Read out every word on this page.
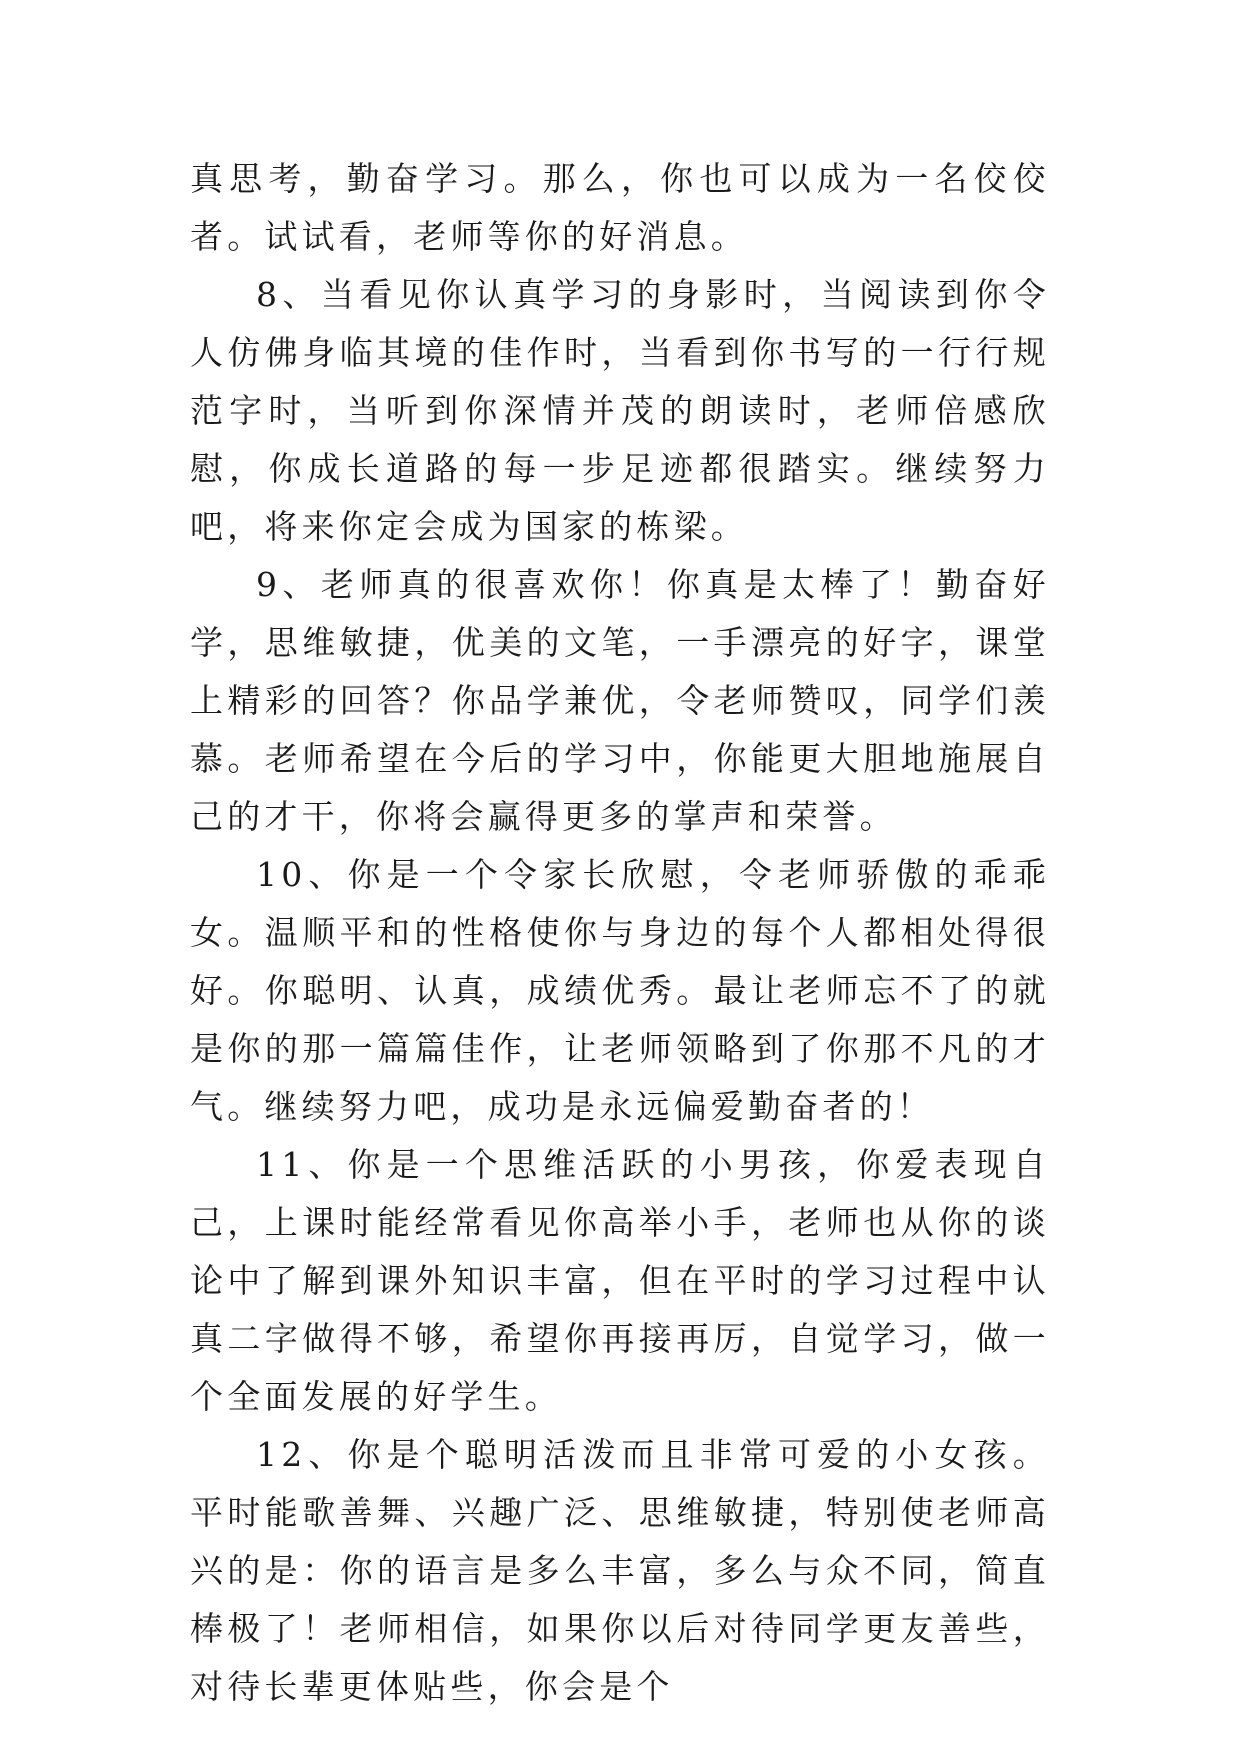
真思考，勤奋学习。那么，你也可以成为一名佼佼者。试试看，老师等你的好消息。

8、当看见你认真学习的身影时，当阅读到你令人仿佛身临其境的佳作时，当看到你书写的一行行规范字时，当听到你深情并茂的朗读时，老师倍感欣慰，你成长道路的每一步足迹都很踏实。继续努力吧，将来你定会成为国家的栋梁。

9、老师真的很喜欢你！你真是太棒了！勤奋好学，思维敏捷，优美的文笔，一手漂亮的好字，课堂上精彩的回答？你品学兼优，令老师赞叹，同学们羡慕。老师希望在今后的学习中，你能更大胆地施展自己的才干，你将会赢得更多的掌声和荣誉。

10、你是一个令家长欣慰，令老师骄傲的乖乖女。温顺平和的性格使你与身边的每个人都相处得很好。你聪明、认真，成绩优秀。最让老师忘不了的就是你的那一篇篇佳作，让老师领略到了你那不凡的才气。继续努力吧，成功是永远偏爱勤奋者的！

11、你是一个思维活跃的小男孩，你爱表现自己，上课时能经常看见你高举小手，老师也从你的谈论中了解到课外知识丰富，但在平时的学习过程中认真二字做得不够，希望你再接再厉，自觉学习，做一个全面发展的好学生。

12、你是个聪明活泼而且非常可爱的小女孩。平时能歌善舞、兴趣广泛、思维敏捷，特别使老师高兴的是：你的语言是多么丰富，多么与众不同，简直棒极了！老师相信，如果你以后对待同学更友善些，对待长辈更体贴些，你会是个
